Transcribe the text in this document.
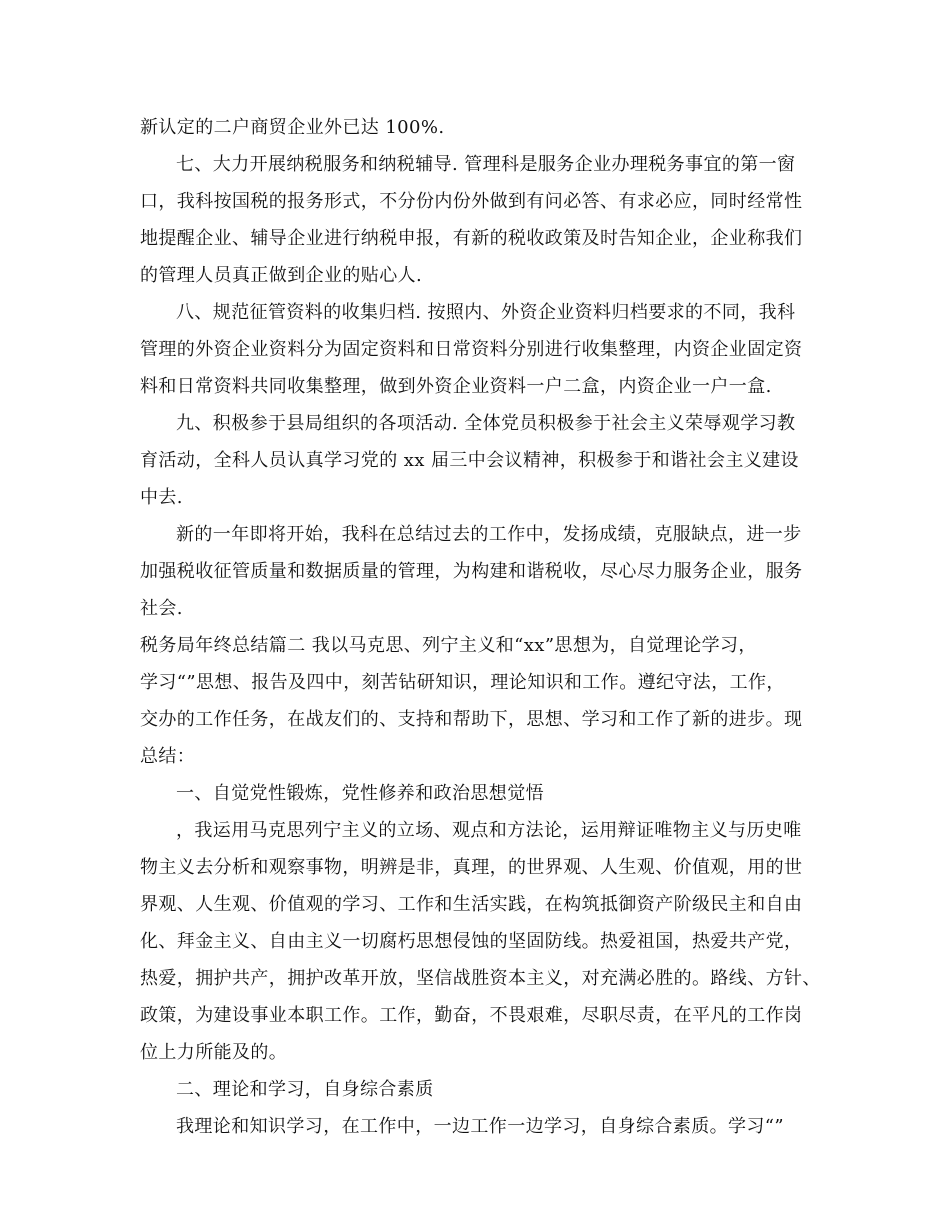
新认定的二户商贸企业外已达 100%.
七、大力开展纳税服务和纳税辅导. 管理科是服务企业办理税务事宜的第一窗
口，我科按国税的报务形式，不分份内份外做到有问必答、有求必应，同时经常性
地提醒企业、辅导企业进行纳税申报，有新的税收政策及时告知企业，企业称我们
的管理人员真正做到企业的贴心人.
八、规范征管资料的收集归档. 按照内、外资企业资料归档要求的不同，我科
管理的外资企业资料分为固定资料和日常资料分别进行收集整理，内资企业固定资
料和日常资料共同收集整理，做到外资企业资料一户二盒，内资企业一户一盒.
九、积极参于县局组织的各项活动. 全体党员积极参于社会主义荣辱观学习教
育活动，全科人员认真学习党的 xx 届三中会议精神，积极参于和谐社会主义建设
中去.
新的一年即将开始，我科在总结过去的工作中，发扬成绩，克服缺点，进一步
加强税收征管质量和数据质量的管理，为构建和谐税收，尽心尽力服务企业，服务
社会.
税务局年终总结篇二 我以马克思、列宁主义和“xx”思想为，自觉理论学习，
学习“”思想、报告及四中，刻苦钻研知识，理论知识和工作。遵纪守法，工作，
交办的工作任务，在战友们的、支持和帮助下，思想、学习和工作了新的进步。现
总结：
一、自觉党性锻炼，党性修养和政治思想觉悟
，我运用马克思列宁主义的立场、观点和方法论，运用辩证唯物主义与历史唯
物主义去分析和观察事物，明辨是非，真理，的世界观、人生观、价值观，用的世
界观、人生观、价值观的学习、工作和生活实践，在构筑抵御资产阶级民主和自由
化、拜金主义、自由主义一切腐朽思想侵蚀的坚固防线。热爱祖国，热爱共产党，
热爱，拥护共产，拥护改革开放，坚信战胜资本主义，对充满必胜的。路线、方针、
政策，为建设事业本职工作。工作，勤奋，不畏艰难，尽职尽责，在平凡的工作岗
位上力所能及的。
二、理论和学习，自身综合素质
我理论和知识学习，在工作中，一边工作一边学习，自身综合素质。学习“”
